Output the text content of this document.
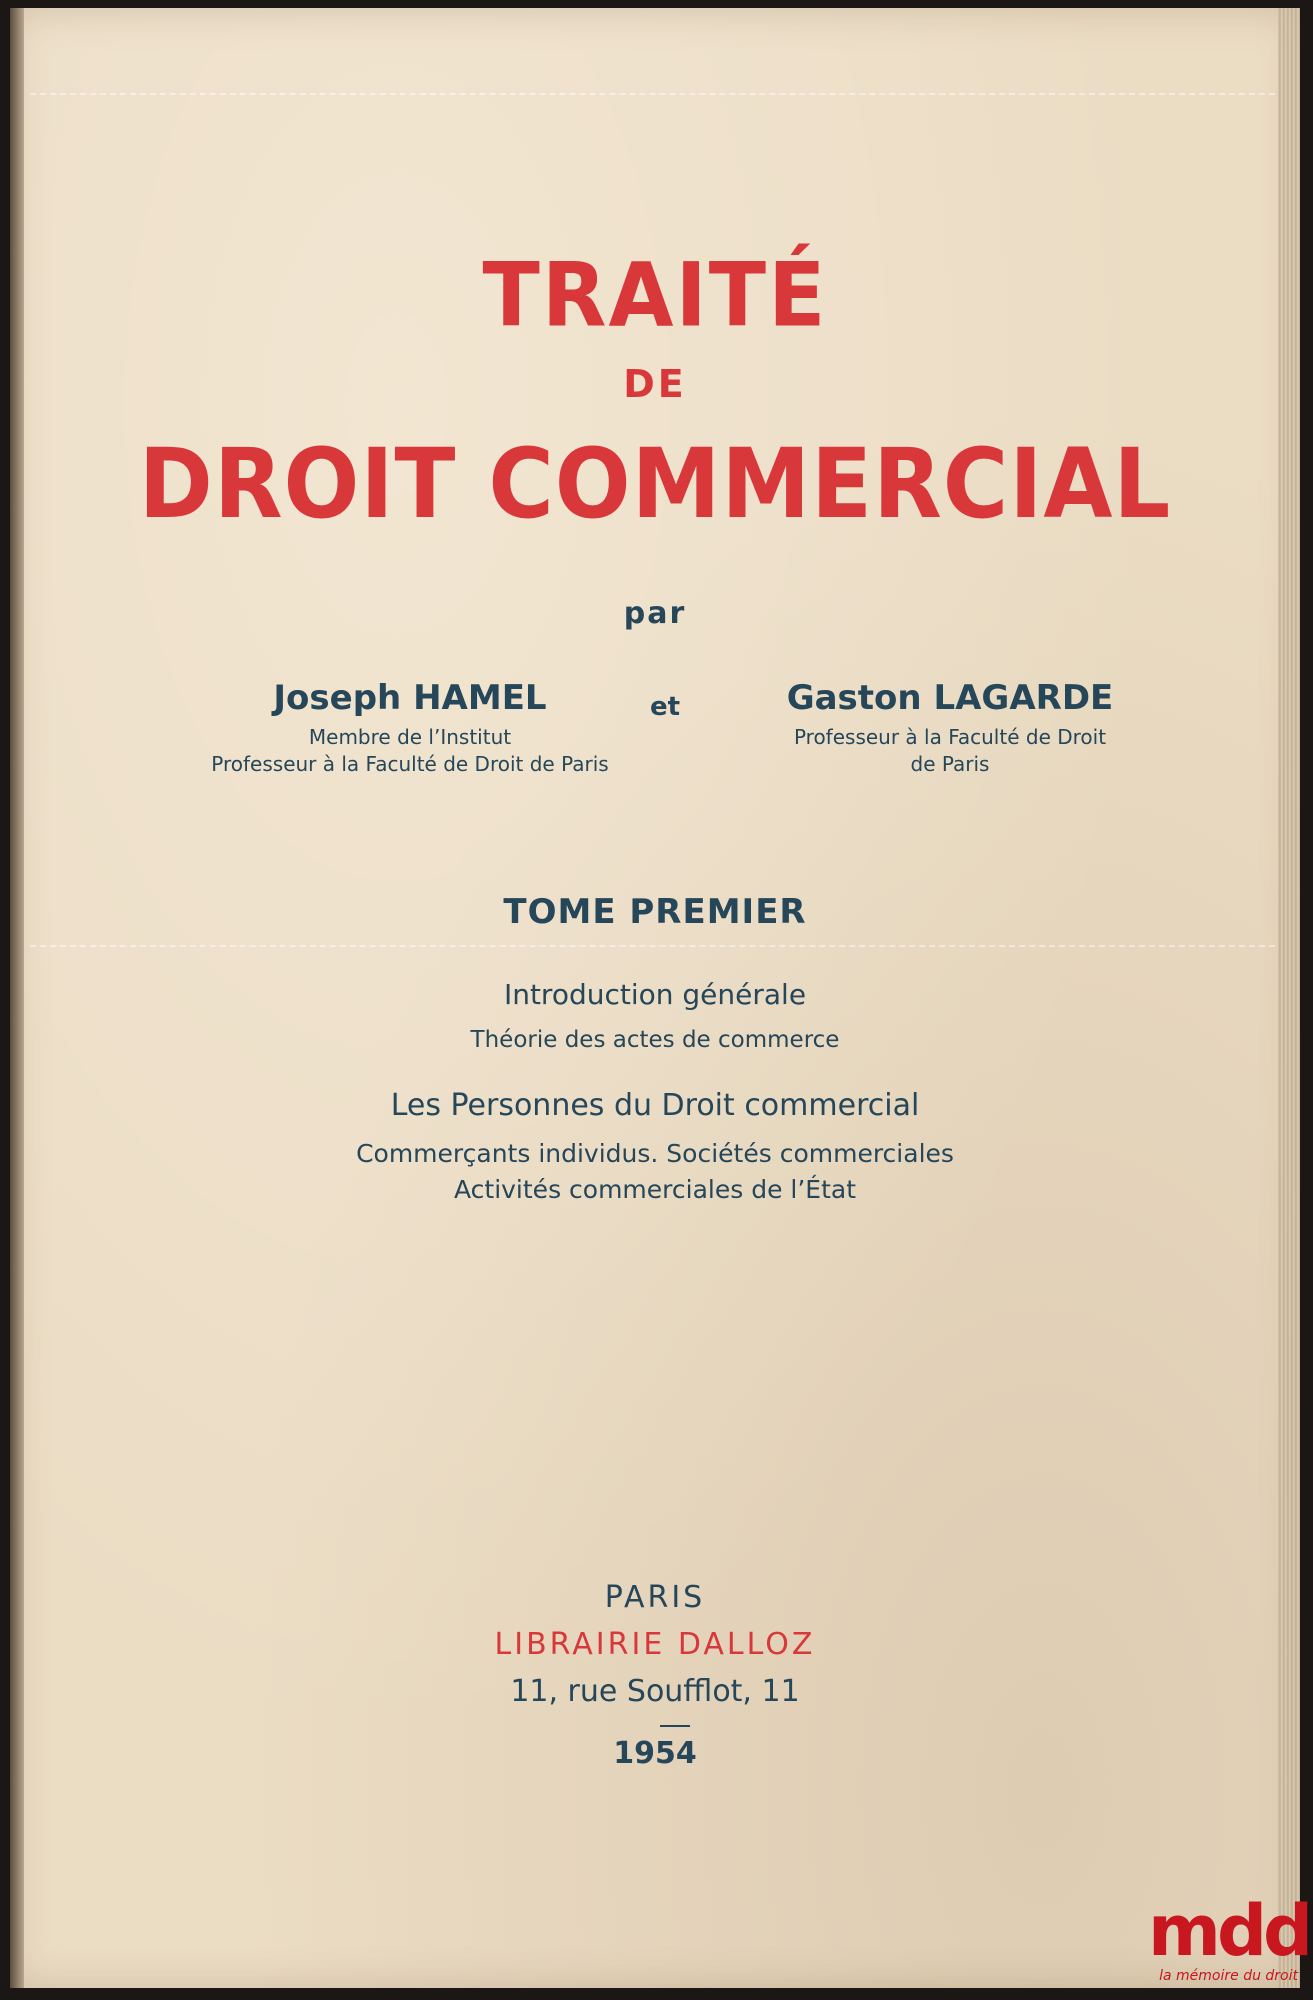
TRAITÉ
DE
DROIT COMMERCIAL
par
Joseph HAMEL
Membre de l’Institut
Professeur à la Faculté de Droit de Paris
et	Gaston LAGARDE
Professeur à la Faculté de Droit
de Paris
TOME PREMIER
Introduction générale
Théorie des actes de commerce
Les Personnes du Droit commercial
Commerçants individus. Sociétés commerciales
Activités commerciales de l’État
PARIS
LIBRAIRIE DALLOZ
11, rue Soufflot, 11
1954
mdd
la mémoire du droit
